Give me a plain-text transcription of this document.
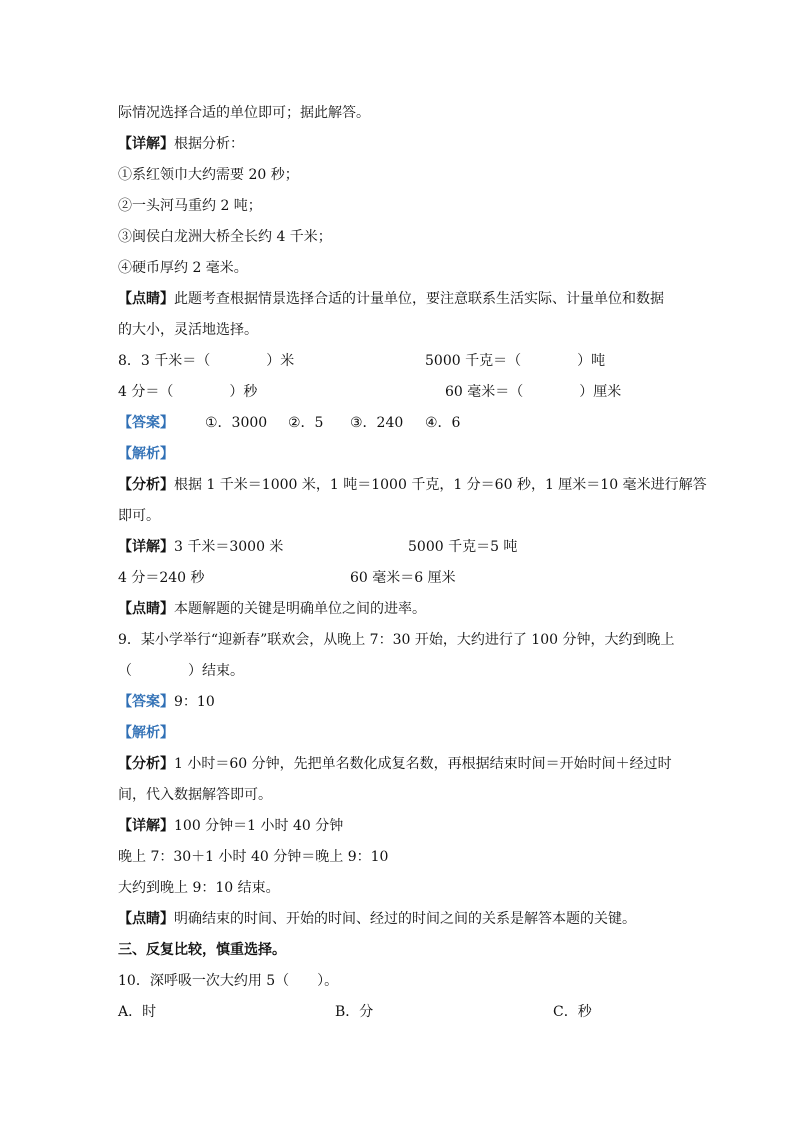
际情况选择合适的单位即可；据此解答。
【详解】根据分析：
①系红领巾大约需要 20 秒；
②一头河马重约 2 吨；
③闽侯白龙洲大桥全长约 4 千米；
④硬币厚约 2 毫米。
【点睛】此题考查根据情景选择合适的计量单位，要注意联系生活实际、计量单位和数据
的大小，灵活地选择。
8．3 千米＝（　　　　）米	5000 千克＝（　　　　）吨
4 分＝（　　　　）秒	60 毫米＝（　　　　）厘米
【答案】 ①．3000 ②．5 ③．240 ④．6
【解析】
【分析】根据 1 千米＝1000 米，1 吨＝1000 千克，1 分＝60 秒，1 厘米＝10 毫米进行解答
即可。
【详解】3 千米＝3000 米	5000 千克＝5 吨
4 分＝240 秒	60 毫米＝6 厘米
【点睛】本题解题的关键是明确单位之间的进率。
9．某小学举行“迎新春”联欢会，从晚上 7：30 开始，大约进行了 100 分钟，大约到晚上
（　　　　）结束。
【答案】9：10
【解析】
【分析】1 小时＝60 分钟，先把单名数化成复名数，再根据结束时间＝开始时间＋经过时
间，代入数据解答即可。
【详解】100 分钟＝1 小时 40 分钟
晚上 7：30＋1 小时 40 分钟＝晚上 9：10
大约到晚上 9：10 结束。
【点睛】明确结束的时间、开始的时间、经过的时间之间的关系是解答本题的关键。
三、反复比较，慎重选择。
10．深呼吸一次大约用 5（　　）。
A．时	B．分	C．秒
